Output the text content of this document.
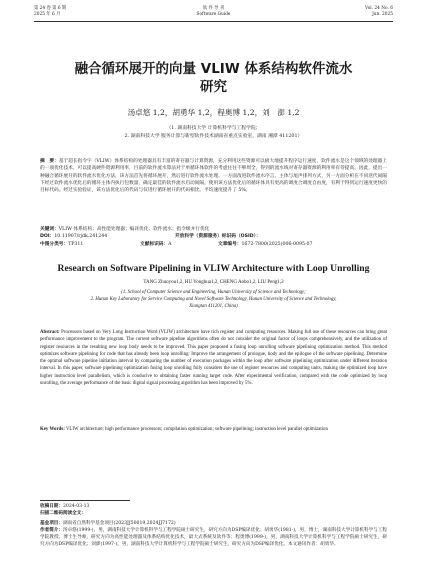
第 24 卷 第 6 期
2025 年 6 月
软 件 导 刊
Software Guide
Vol. 24 No. 6
Jun. 2025
融合循环展开的向量 VLIW 体系结构软件流水
研究
汤卓悠 1,2，胡勇华 1,2，程奥博 1,2，刘　澎 1,2
（1. 湖南科技大学 计算机科学与工程学院；
2. 湖南科技大学 服务计算与新型软件技术湖南省重点实验室，湖南 湘潭 411201）
摘　要：基于超长指令字（VLIW）体系结构的处理器具有丰富的寄存器与计算资源，充分利用这些资源可以极大地提升程序运行速度，软件流水是这个领域的处理器上的一项优化技术，可以提高硬件资源利用率，目前的软件流水算法对于单循环体软件的考虑往往不够周全，得到的流水线对寄存器资源的利用率有待提高。因此，提出一种融合循环展开的软件流水优化方法，该方法首先将循环展开，然后进行软件流水处理。一方面改进软件流水序言、主体与尾声排列方式，另一方面分析在不同迭代间隔下经过软件流水优化后的循环主体内执行包数量，确定最佳的软件流水启动间隔。使用该方法优化后的循环体具有更高的调度合调度自由度，有利于得到运行速度更快的目标代码。经过实验验证，该方法优化后的代码与仅进行循环展开的代码相比，平均速度提升了 5%。
关键词：VLIW 体系结构；高性能处理器；编译优化；软件流水；指令级并行优化
DOI：10.11907/rjdk.241244	开放科学（资源服务）标识码（OSID）：
中图分类号：TP311	文献标识码：A	文章编号：1672-7800(2025)006-0095-07
Research on Software Pipelining in VLIW Architecture with Loop Unrolling
TANG Zhuoyou1,2, HU Yonghua1,2, CHENG Aobo1,2, LIU Peng1,2
(1. School of Computer Science and Engineering, Hunan University of Science and Technology;
2. Hunan Key Laboratory for Service Computing and Novel Software Technology, Hunan University of Science and Technology,
Xiangtan 411201, China)
Abstract: Processors based on Very Long Instruction Word (VLIW) architecture have rich register and computing resources. Making full use of these resources can bring great performance improvement to the program. The current software pipeline algorithms often do not consider the original factor of loops comprehensively, and the utilization of register resources in the resulting new loop body needs to be improved. This paper proposed a fusing loop unrolling software pipelining optimization method. This method optimizes software pipelining for code that has already been loop unrolling: Improve the arrangement of prologue, body and the epilogue of the software pipelining. Determine the optimal software pipeline initiation interval by comparing the number of execution packages within the loop after software pipelining optimization under different iteration interval. In this paper, software pipelining optimization fusing loop unrolling fully considers the use of register resources and computing units, making the optimized loop have higher instruction level parallelism, which is conducive to obtaining faster running target code. After experimental verification, compared with the code optimized by loop unrolling, the average performance of the basic digital signal processing algorithm has been improved by 5%.
Key Words: VLIW architecture; high performance processors; compilation optimization; software pipelining; instruction level parallel optimization
收稿日期：2024-03-13
扫描二维码阅读全文：
基金项目：湖南省自然科学基金项目(2023JJ50019,2024JJ7172)
作者简介：汤卓悠(1999-)，男，湖南科技大学计算机科学与工程学院硕士研究生，研究方向为DSP编译优化；胡勇华(1981-)，男，博士，湖南科技大学计算机科学与工程学院教授、博士生导师，研究方向为高性能处理器及体系结构优化技术，最大式系统及软件等；程奥博(1999-)，男，湖南科技大学计算机科学与工程学院硕士研究生，研究方向为DSP编译优化；刘澎(1997-)，男，湖南科技大学计算机科学与工程学院硕士研究生，研究方向为DSP编译优化。本文通讯作者：胡勇华。
